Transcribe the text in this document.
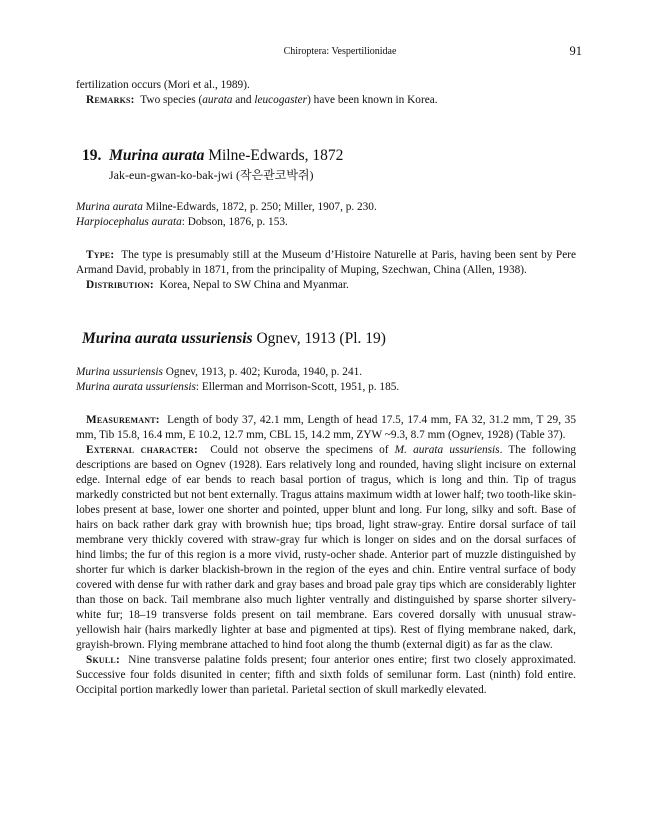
Chiroptera: Vespertilionidae	91

fertilization occurs (Mori et al., 1989).

Remarks: Two species (aurata and leucogaster) have been known in Korea.

19. Murina aurata Milne-Edwards, 1872
Jak-eun-gwan-ko-bak-jwi (작은관코박쥐)

Murina aurata Milne-Edwards, 1872, p. 250; Miller, 1907, p. 230.

Harpiocephalus aurata: Dobson, 1876, p. 153.

Type: The type is presumably still at the Museum d’Histoire Naturelle at Paris, having been sent by Pere Armand David, probably in 1871, from the principality of Muping, Szechwan, China (Allen, 1938).

Distribution: Korea, Nepal to SW China and Myanmar.

Murina aurata ussuriensis Ognev, 1913 (Pl. 19)

Murina ussuriensis Ognev, 1913, p. 402; Kuroda, 1940, p. 241.

Murina aurata ussuriensis: Ellerman and Morrison-Scott, 1951, p. 185.

Measuremant: Length of body 37, 42.1 mm, Length of head 17.5, 17.4 mm, FA 32, 31.2 mm, T 29, 35 mm, Tib 15.8, 16.4 mm, E 10.2, 12.7 mm, CBL 15, 14.2 mm, ZYW ~9.3, 8.7 mm (Ognev, 1928) (Table 37).

External character: Could not observe the specimens of M. aurata ussuriensis. The following descriptions are based on Ognev (1928). Ears relatively long and rounded, having slight incisure on external edge. Internal edge of ear bends to reach basal portion of tragus, which is long and thin. Tip of tragus markedly constricted but not bent externally. Tragus attains maximum width at lower half; two tooth-like skin-lobes present at base, lower one shorter and pointed, upper blunt and long. Fur long, silky and soft. Base of hairs on back rather dark gray with brownish hue; tips broad, light straw-gray. Entire dorsal surface of tail membrane very thickly covered with straw-gray fur which is longer on sides and on the dorsal surfaces of hind limbs; the fur of this region is a more vivid, rusty-ocher shade. Anterior part of muzzle distinguished by shorter fur which is darker blackish-brown in the region of the eyes and chin. Entire ventral surface of body covered with dense fur with rather dark and gray bases and broad pale gray tips which are considerably lighter than those on back. Tail membrane also much lighter ventrally and distinguished by sparse shorter silvery-white fur; 18–19 transverse folds present on tail membrane. Ears covered dorsally with unusual straw-yellowish hair (hairs markedly lighter at base and pigmented at tips). Rest of flying membrane naked, dark, grayish-brown. Flying membrane attached to hind foot along the thumb (external digit) as far as the claw.

Skull: Nine transverse palatine folds present; four anterior ones entire; first two closely approximated. Successive four folds disunited in center; fifth and sixth folds of semilunar form. Last (ninth) fold entire. Occipital portion markedly lower than parietal. Parietal section of skull markedly elevated.
